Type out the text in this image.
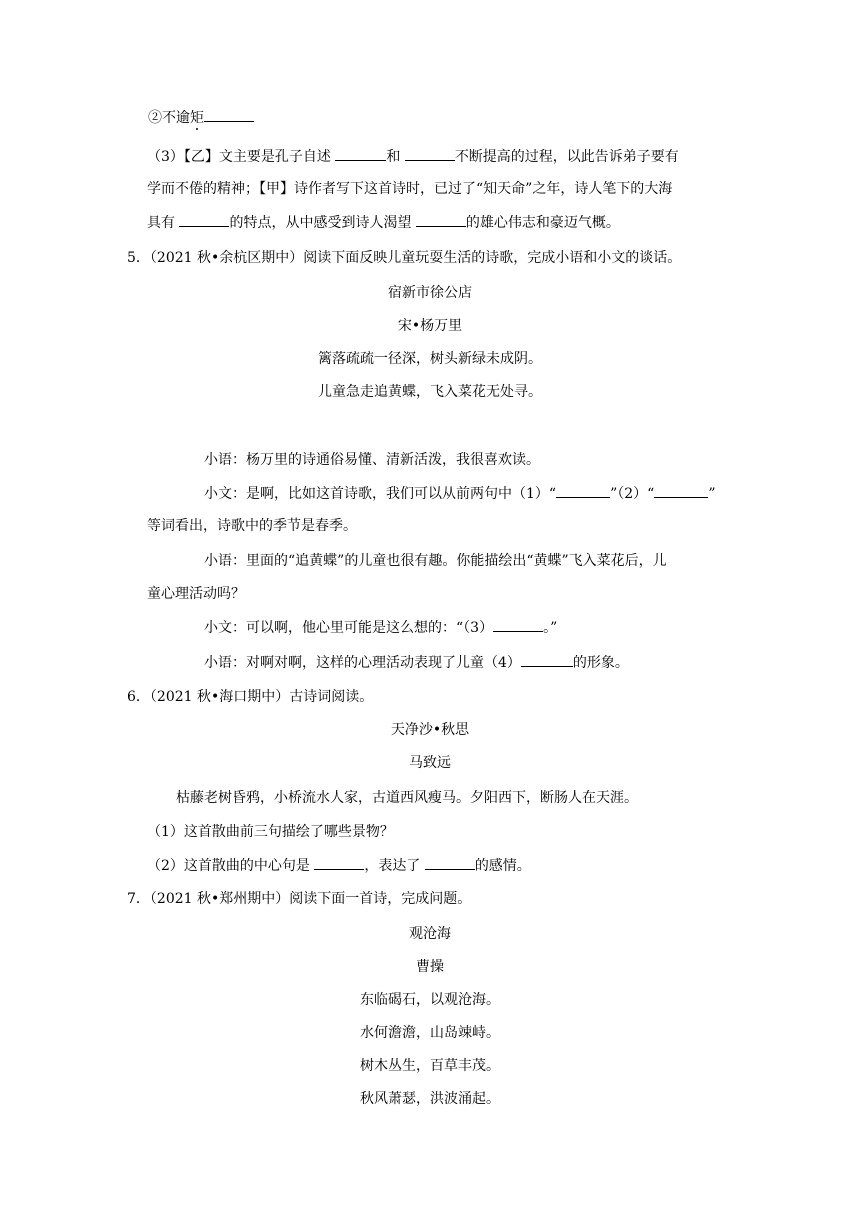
②不逾矩
（3）【乙】文主要是孔子自述	和	不断提高的过程，以此告诉弟子要有
学而不倦的精神；【甲】诗作者写下这首诗时，已过了“知天命”之年，诗人笔下的大海
具有	的特点，从中感受到诗人渴望	的雄心伟志和豪迈气概。
5．（2021 秋•余杭区期中）阅读下面反映儿童玩耍生活的诗歌，完成小语和小文的谈话。
宿新市徐公店
宋•杨万里
篱落疏疏一径深，树头新绿未成阴。
儿童急走追黄蝶，飞入菜花无处寻。
小语：杨万里的诗通俗易懂、清新活泼，我很喜欢读。
小文：是啊，比如这首诗歌，我们可以从前两句中（1）“	”（2）“	”
等词看出，诗歌中的季节是春季。
小语：里面的“追黄蝶”的儿童也很有趣。你能描绘出“黄蝶”飞入菜花后，儿
童心理活动吗？
小文：可以啊，他心里可能是这么想的：“（3）	。”
小语：对啊对啊，这样的心理活动表现了儿童（4）	的形象。
6．（2021 秋•海口期中）古诗词阅读。
天净沙•秋思
马致远
枯藤老树昏鸦，小桥流水人家，古道西风瘦马。夕阳西下，断肠人在天涯。
（1）这首散曲前三句描绘了哪些景物？
（2）这首散曲的中心句是	，表达了	的感情。
7．（2021 秋•郑州期中）阅读下面一首诗，完成问题。
观沧海
曹操
东临碣石，以观沧海。
水何澹澹，山岛竦峙。
树木丛生，百草丰茂。
秋风萧瑟，洪波涌起。
